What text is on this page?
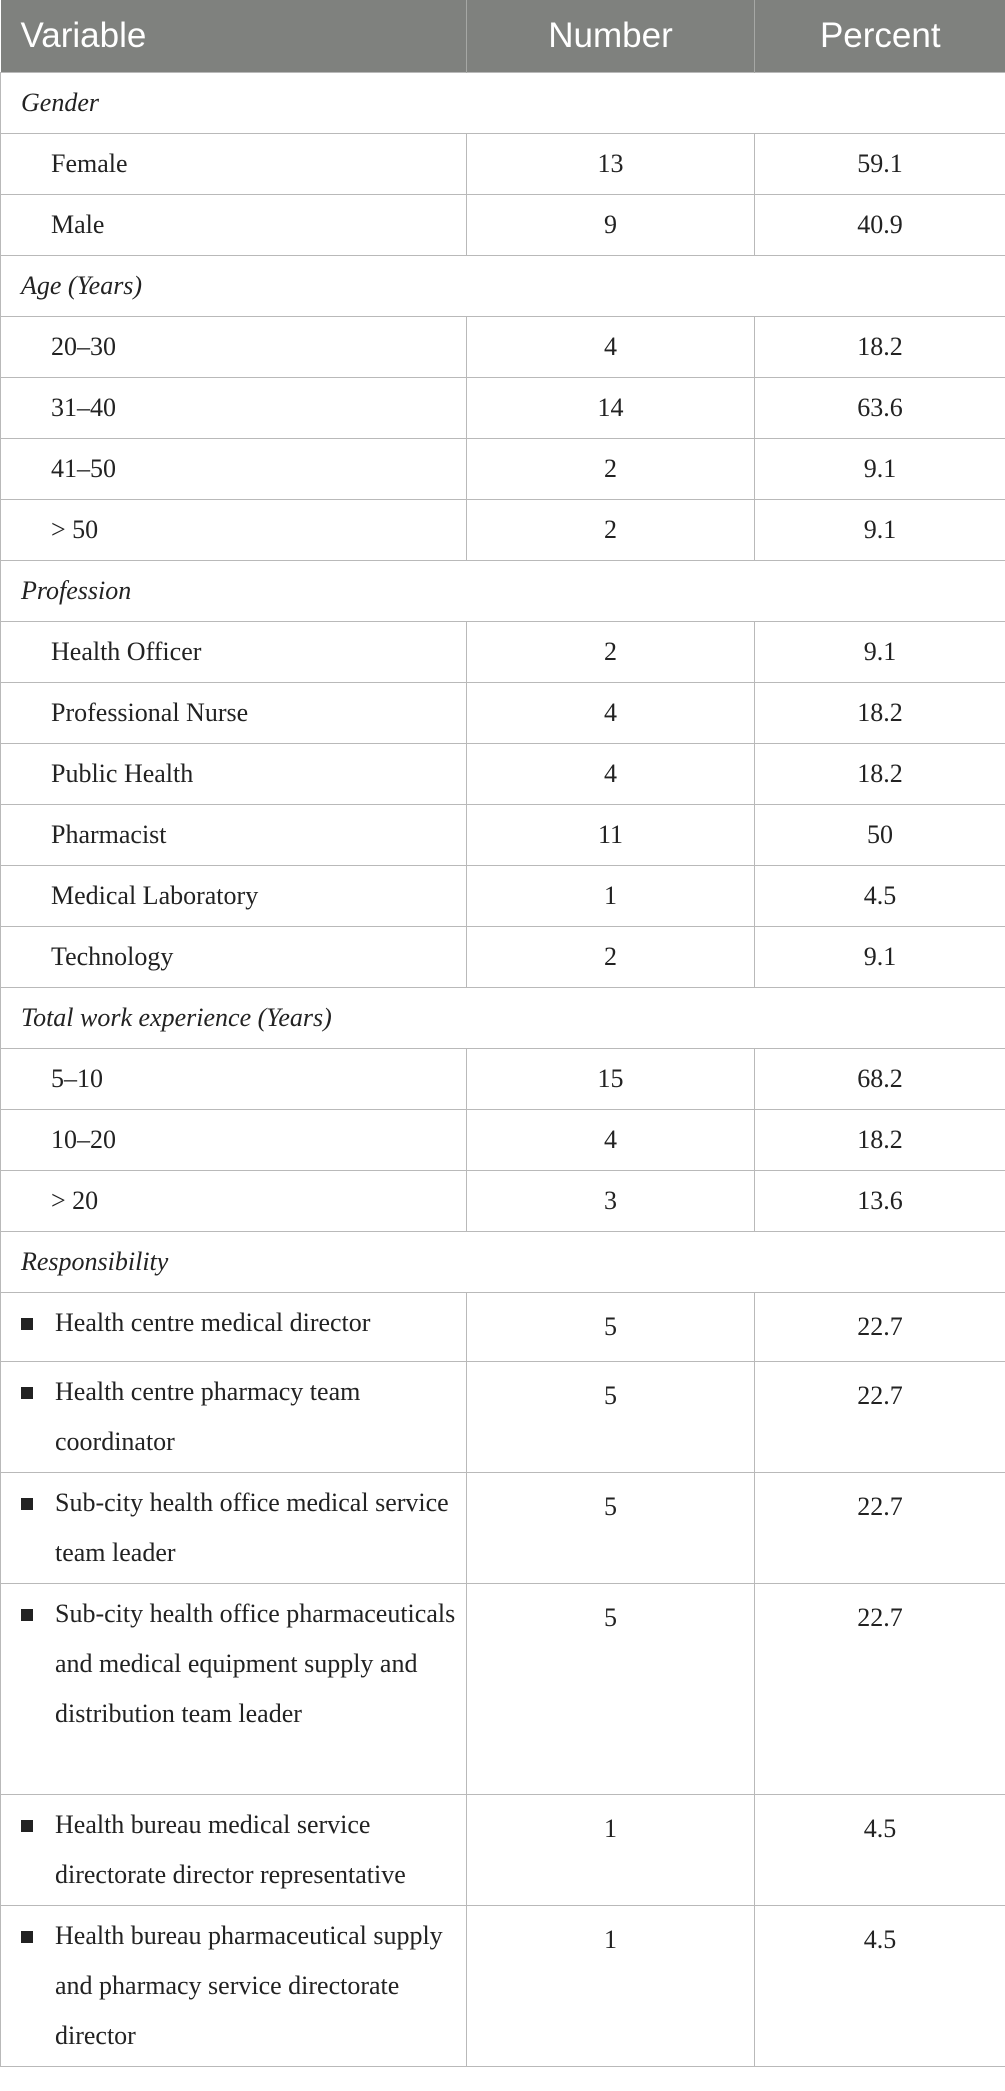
Variable	Number	Percent
Gender		
Female	13	59.1
Male	9	40.9
Age (Years)		
20–30	4	18.2
31–40	14	63.6
41–50	2	9.1
> 50	2	9.1
Profession		
Health Officer	2	9.1
Professional Nurse	4	18.2
Public Health	4	18.2
Pharmacist	11	50
Medical Laboratory	1	4.5
Technology	2	9.1
Total work experience (Years)		
5–10	15	68.2
10–20	4	18.2
> 20	3	13.6
Responsibility		

Health centre medical director	5	22.7

Health centre pharmacy team coordinator	5	22.7

Sub-city health office medical service team leader	5	22.7

Sub-city health office pharmaceuticals and medical equipment supply and distribution team leader	5	22.7

Health bureau medical service directorate director representative	1	4.5

Health bureau pharmaceutical supply and pharmacy service directorate director	1	4.5
